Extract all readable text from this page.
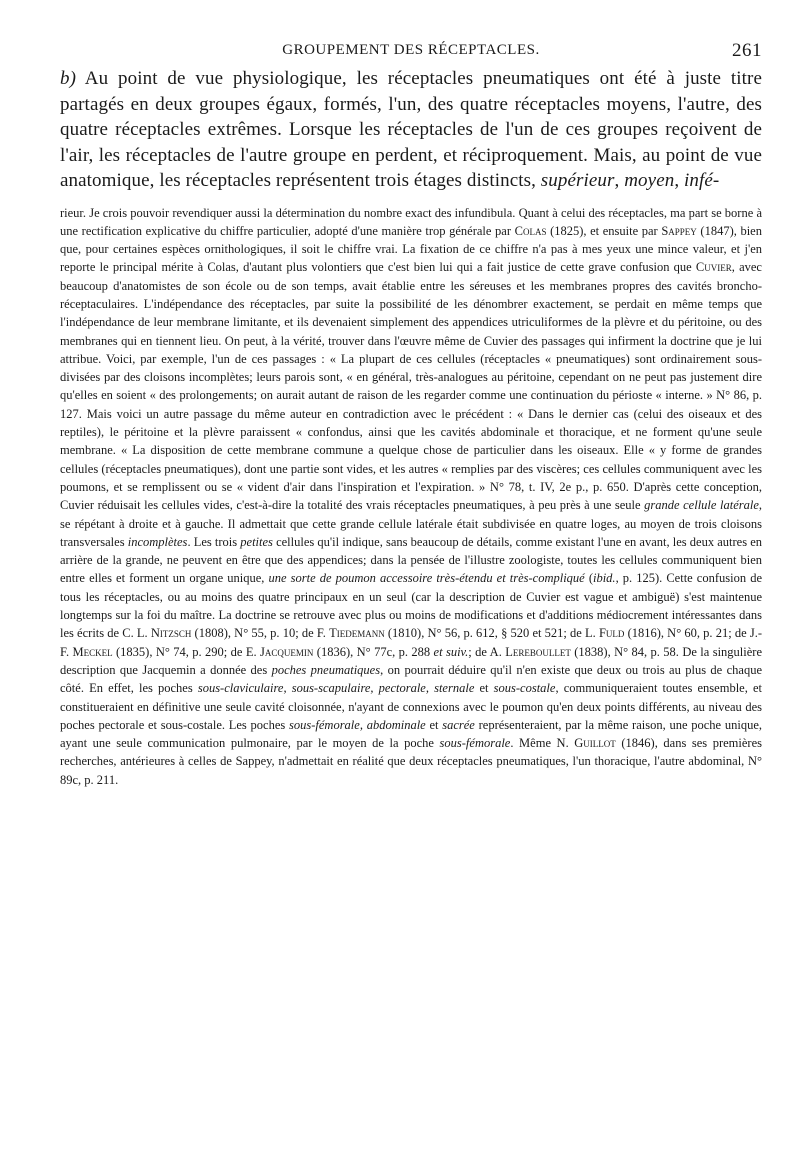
GROUPEMENT DES RÉCEPTACLES.	261

b) Au point de vue physiologique, les réceptacles pneumatiques ont été à juste titre partagés en deux groupes égaux, formés, l'un, des quatre réceptacles moyens, l'autre, des quatre réceptacles extrêmes. Lorsque les réceptacles de l'un de ces groupes reçoivent de l'air, les réceptacles de l'autre groupe en perdent, et réciproquement. Mais, au point de vue anatomique, les réceptacles représentent trois étages distincts, supérieur, moyen, infé-

rieur. Je crois pouvoir revendiquer aussi la détermination du nombre exact des infundibula. Quant à celui des réceptacles, ma part se borne à une rectification explicative du chiffre particulier, adopté d'une manière trop générale par Colas (1825), et ensuite par Sappey (1847), bien que, pour certaines espèces ornithologiques, il soit le chiffre vrai. La fixation de ce chiffre n'a pas à mes yeux une mince valeur, et j'en reporte le principal mérite à Colas, d'autant plus volontiers que c'est bien lui qui a fait justice de cette grave confusion que Cuvier, avec beaucoup d'anatomistes de son école ou de son temps, avait établie entre les séreuses et les membranes propres des cavités broncho-réceptaculaires. L'indépendance des réceptacles, par suite la possibilité de les dénombrer exactement, se perdait en même temps que l'indépendance de leur membrane limitante, et ils devenaient simplement des appendices utriculiformes de la plèvre et du péritoine, ou des membranes qui en tiennent lieu. On peut, à la vérité, trouver dans l'œuvre même de Cuvier des passages qui infirment la doctrine que je lui attribue. Voici, par exemple, l'un de ces passages : « La plupart de ces cellules (réceptacles « pneumatiques) sont ordinairement sous-divisées par des cloisons incomplètes; leurs parois sont, « en général, très-analogues au péritoine, cependant on ne peut pas justement dire qu'elles en soient « des prolongements; on aurait autant de raison de les regarder comme une continuation du périoste « interne. » N° 86, p. 127. Mais voici un autre passage du même auteur en contradiction avec le précédent : « Dans le dernier cas (celui des oiseaux et des reptiles), le péritoine et la plèvre paraissent « confondus, ainsi que les cavités abdominale et thoracique, et ne forment qu'une seule membrane. « La disposition de cette membrane commune a quelque chose de particulier dans les oiseaux. Elle « y forme de grandes cellules (réceptacles pneumatiques), dont une partie sont vides, et les autres « remplies par des viscères; ces cellules communiquent avec les poumons, et se remplissent ou se « vident d'air dans l'inspiration et l'expiration. » N° 78, t. IV, 2e p., p. 650. D'après cette conception, Cuvier réduisait les cellules vides, c'est-à-dire la totalité des vrais réceptacles pneumatiques, à peu près à une seule grande cellule latérale, se répétant à droite et à gauche. Il admettait que cette grande cellule latérale était subdivisée en quatre loges, au moyen de trois cloisons transversales incomplètes. Les trois petites cellules qu'il indique, sans beaucoup de détails, comme existant l'une en avant, les deux autres en arrière de la grande, ne peuvent en être que des appendices; dans la pensée de l'illustre zoologiste, toutes les cellules communiquent bien entre elles et forment un organe unique, une sorte de poumon accessoire très-étendu et très-compliqué (ibid., p. 125). Cette confusion de tous les réceptacles, ou au moins des quatre principaux en un seul (car la description de Cuvier est vague et ambiguë) s'est maintenue longtemps sur la foi du maître. La doctrine se retrouve avec plus ou moins de modifications et d'additions médiocrement intéressantes dans les écrits de C. L. Nitzsch (1808), N° 55, p. 10; de F. Tiedemann (1810), N° 56, p. 612, § 520 et 521; de L. Fuld (1816), N° 60, p. 21; de J.-F. Meckel (1835), N° 74, p. 290; de E. Jacquemin (1836), N° 77c, p. 288 et suiv.; de A. Lereboullet (1838), N° 84, p. 58. De la singulière description que Jacquemin a donnée des poches pneumatiques, on pourrait déduire qu'il n'en existe que deux ou trois au plus de chaque côté. En effet, les poches sous-claviculaire, sous-scapulaire, pectorale, sternale et sous-costale, communiqueraient toutes ensemble, et constitueraient en définitive une seule cavité cloisonnée, n'ayant de connexions avec le poumon qu'en deux points différents, au niveau des poches pectorale et sous-costale. Les poches sous-fémorale, abdominale et sacrée représenteraient, par la même raison, une poche unique, ayant une seule communication pulmonaire, par le moyen de la poche sous-fémorale. Même N. Guillot (1846), dans ses premières recherches, antérieures à celles de Sappey, n'admettait en réalité que deux réceptacles pneumatiques, l'un thoracique, l'autre abdominal, N° 89c, p. 211.
